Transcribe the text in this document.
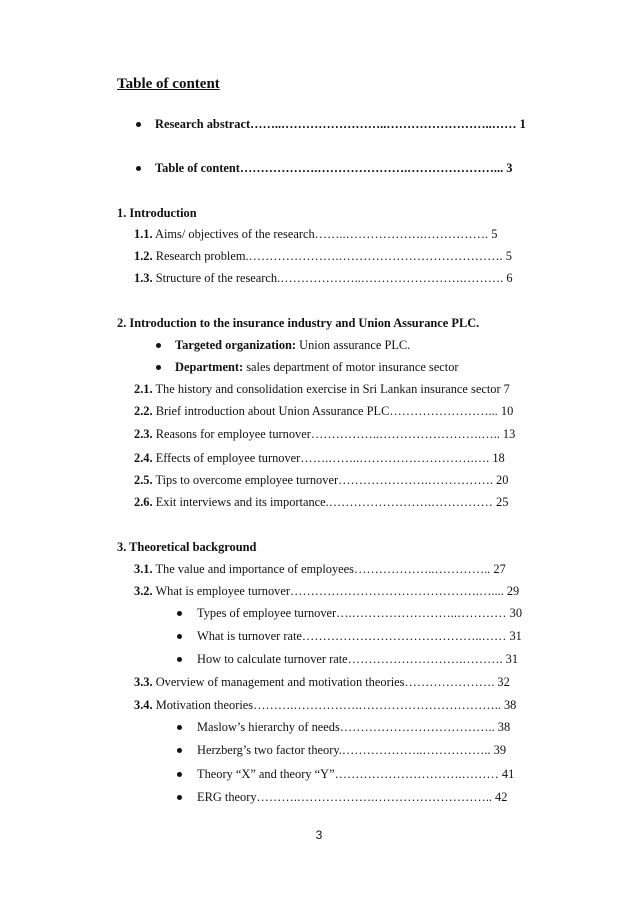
Table of content
Research abstract……..……………………..……………………..…… 1
Table of content……………….………………….…………………... 3
1. Introduction
1.1. Aims/ objectives of the research……..……………….……………. 5
1.2. Research problem.………………….…………………………………. 5
1.3. Structure of the research.………………..…………………….………. 6
2. Introduction to the insurance industry and Union Assurance PLC.
Targeted organization: Union assurance PLC.
Department: sales department of motor insurance sector
2.1. The history and consolidation exercise in Sri Lankan insurance sector 7
2.2. Brief introduction about Union Assurance PLC……………………... 10
2.3. Reasons for employee turnover……………..…………………….….. 13
2.4. Effects of employee turnover…….……..……………………….…. 18
2.5. Tips to overcome employee turnover………………….……………. 20
2.6. Exit interviews and its importance.…………………….…………… 25
3. Theoretical background
3.1. The value and importance of employees………………..………….. 27
3.2. What is employee turnover……………………………………….….... 29
Types of employee turnover….……………………..………… 30
What is turnover rate……………………………………..…… 31
How to calculate turnover rate……………………….………. 31
3.3. Overview of management and motivation theories…………………. 32
3.4. Motivation theories……….…………….…………………………….. 38
Maslow’s hierarchy of needs……………………………….. 38
Herzberg’s two factor theory.………………..…………….. 39
Theory “X” and theory “Y”………………………….……… 41
ERG theory……….……………….……………………….. 42
3
